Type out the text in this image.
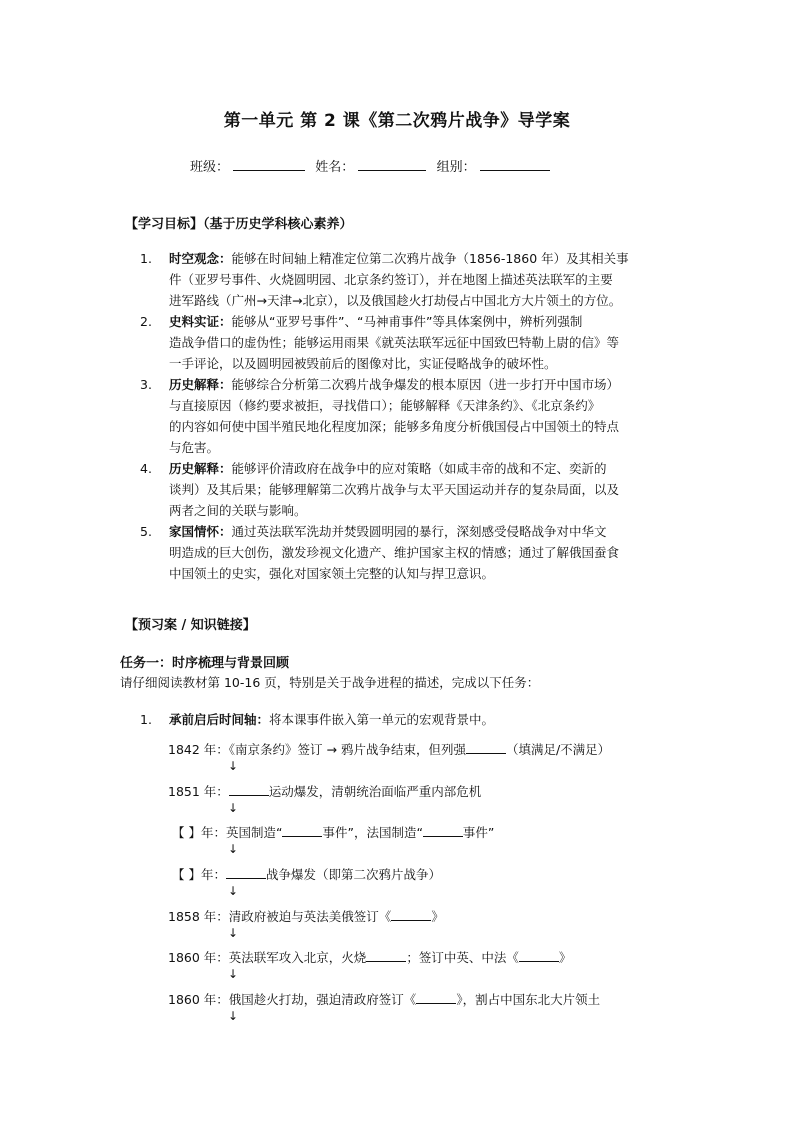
第一单元 第 2 课《第二次鸦片战争》导学案
班级：	姓名：	组别：
【学习目标】（基于历史学科核心素养）
1. 时空观念：能够在时间轴上精准定位第二次鸦片战争（1856-1860 年）及其相关事
件（亚罗号事件、火烧圆明园、北京条约签订），并在地图上描述英法联军的主要
进军路线（广州→天津→北京），以及俄国趁火打劫侵占中国北方大片领土的方位。
2. 史料实证：能够从“亚罗号事件”、“马神甫事件”等具体案例中，辨析列强制
造战争借口的虚伪性；能够运用雨果《就英法联军远征中国致巴特勒上尉的信》等
一手评论，以及圆明园被毁前后的图像对比，实证侵略战争的破坏性。
3. 历史解释：能够综合分析第二次鸦片战争爆发的根本原因（进一步打开中国市场）
与直接原因（修约要求被拒，寻找借口）；能够解释《天津条约》、《北京条约》
的内容如何使中国半殖民地化程度加深；能够多角度分析俄国侵占中国领土的特点
与危害。
4. 历史解释：能够评价清政府在战争中的应对策略（如咸丰帝的战和不定、奕訢的
谈判）及其后果；能够理解第二次鸦片战争与太平天国运动并存的复杂局面，以及
两者之间的关联与影响。
5. 家国情怀：通过英法联军洗劫并焚毁圆明园的暴行，深刻感受侵略战争对中华文
明造成的巨大创伤，激发珍视文化遗产、维护国家主权的情感；通过了解俄国蚕食
中国领土的史实，强化对国家领土完整的认知与捍卫意识。
【预习案 / 知识链接】
任务一：时序梳理与背景回顾
请仔细阅读教材第 10-16 页，特别是关于战争进程的描述，完成以下任务：
1. 承前启后时间轴：将本课事件嵌入第一单元的宏观背景中。
1842 年：《南京条约》签订 → 鸦片战争结束，但列强	（填满足/不满足）
↓
1851 年：	运动爆发，清朝统治面临严重内部危机
↓
【 】年：英国制造“	事件”，法国制造“	事件”
↓
【 】年：	战争爆发（即第二次鸦片战争）
↓
1858 年：清政府被迫与英法美俄签订《	》
↓
1860 年：英法联军攻入北京，火烧	；签订中英、中法《	》
↓
1860 年：俄国趁火打劫，强迫清政府签订《	》，割占中国东北大片领土
↓
